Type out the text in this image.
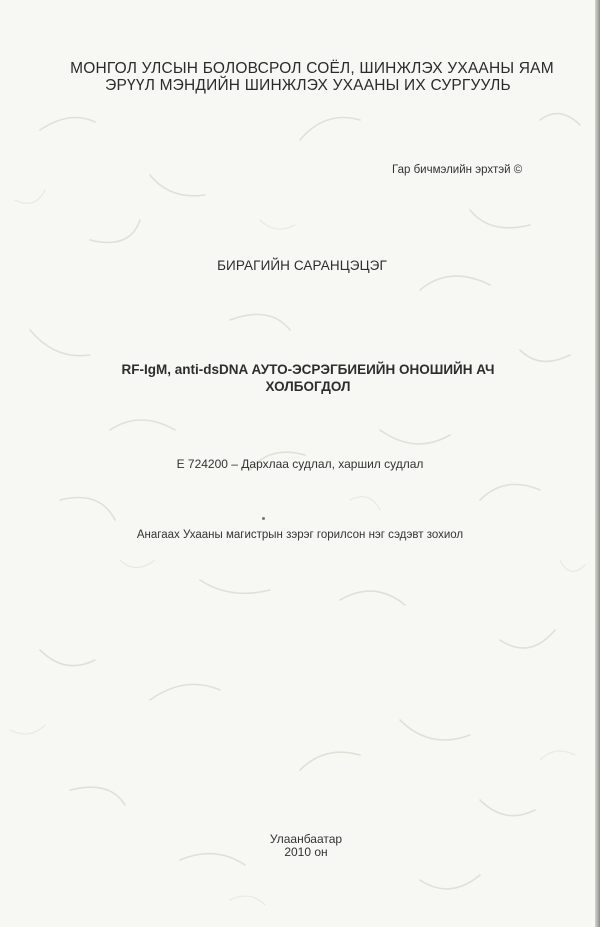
МОНГОЛ УЛСЫН БОЛОВСРОЛ СОЁЛ, ШИНЖЛЭХ УХААНЫ ЯАМ
ЭРҮҮЛ МЭНДИЙН ШИНЖЛЭХ УХААНЫ ИХ СУРГУУЛЬ
Гар бичмэлийн эрхтэй ©
БИРАГИЙН САРАНЦЭЦЭГ
RF-IgM, anti-dsDNA АУТО-ЭСРЭГБИЕИЙН ОНОШИЙН АЧ
ХОЛБОГДОЛ
E 724200 – Дархлаа судлал, харшил судлал
Анагаах Ухааны магистрын зэрэг горилсон нэг сэдэвт зохиол
Улаанбаатар
2010 он
